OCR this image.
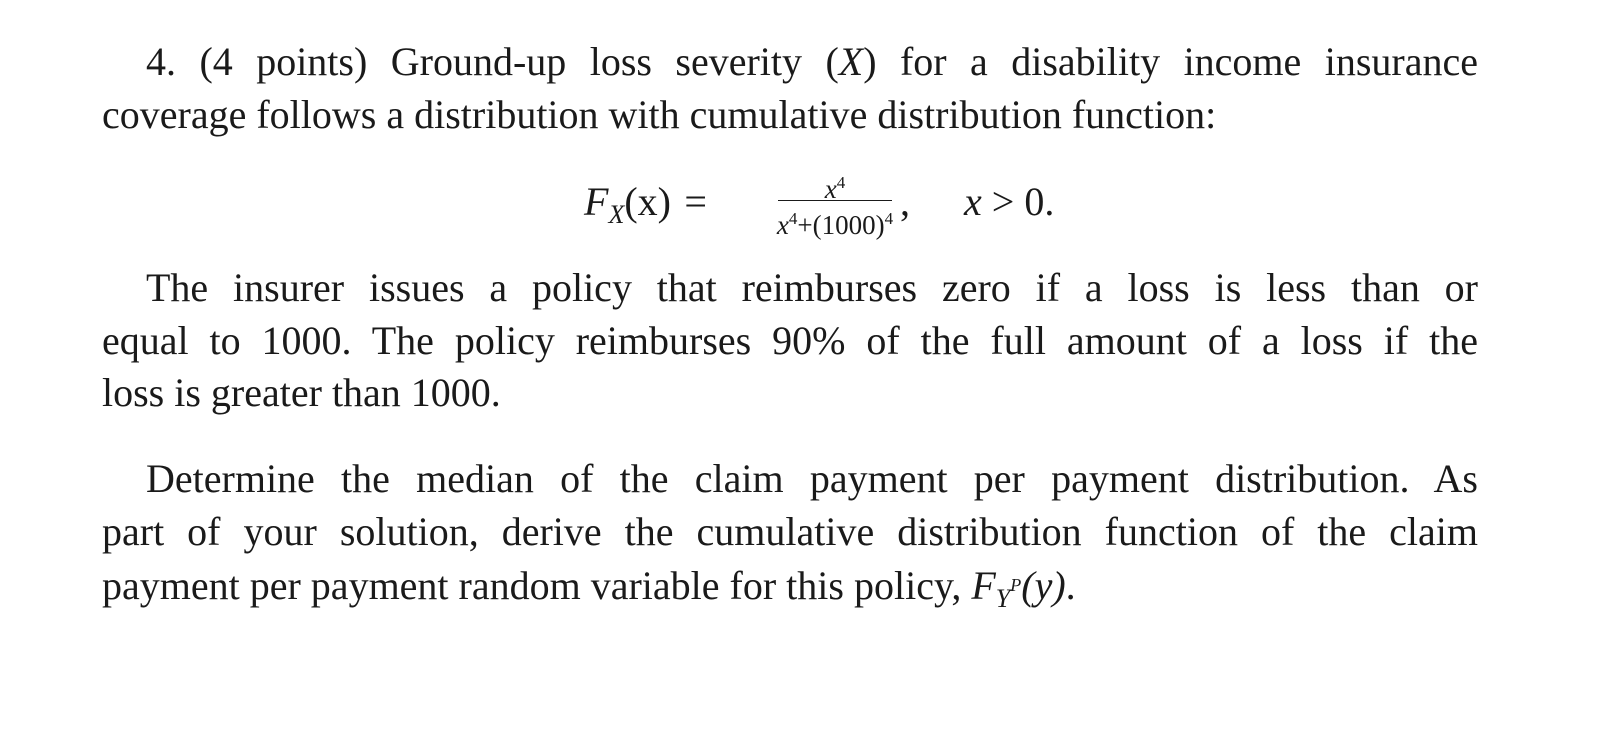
4. (4 points) Ground-up loss severity (X) for a disability income insurance
coverage follows a distribution with cumulative distribution function:
$F_X(x)$   =	$x^4$
$x^4+(1000)^4$ , x > 0.
The insurer issues a policy that reimburses zero if a loss is less than or
equal to 1000. The policy reimburses 90% of the full amount of a loss if the
loss is greater than 1000.
Determine the median of the claim payment per payment distribution. As
part of your solution, derive the cumulative distribution function of the claim
payment per payment random variable for this policy, $F_Y^P(y)$.
